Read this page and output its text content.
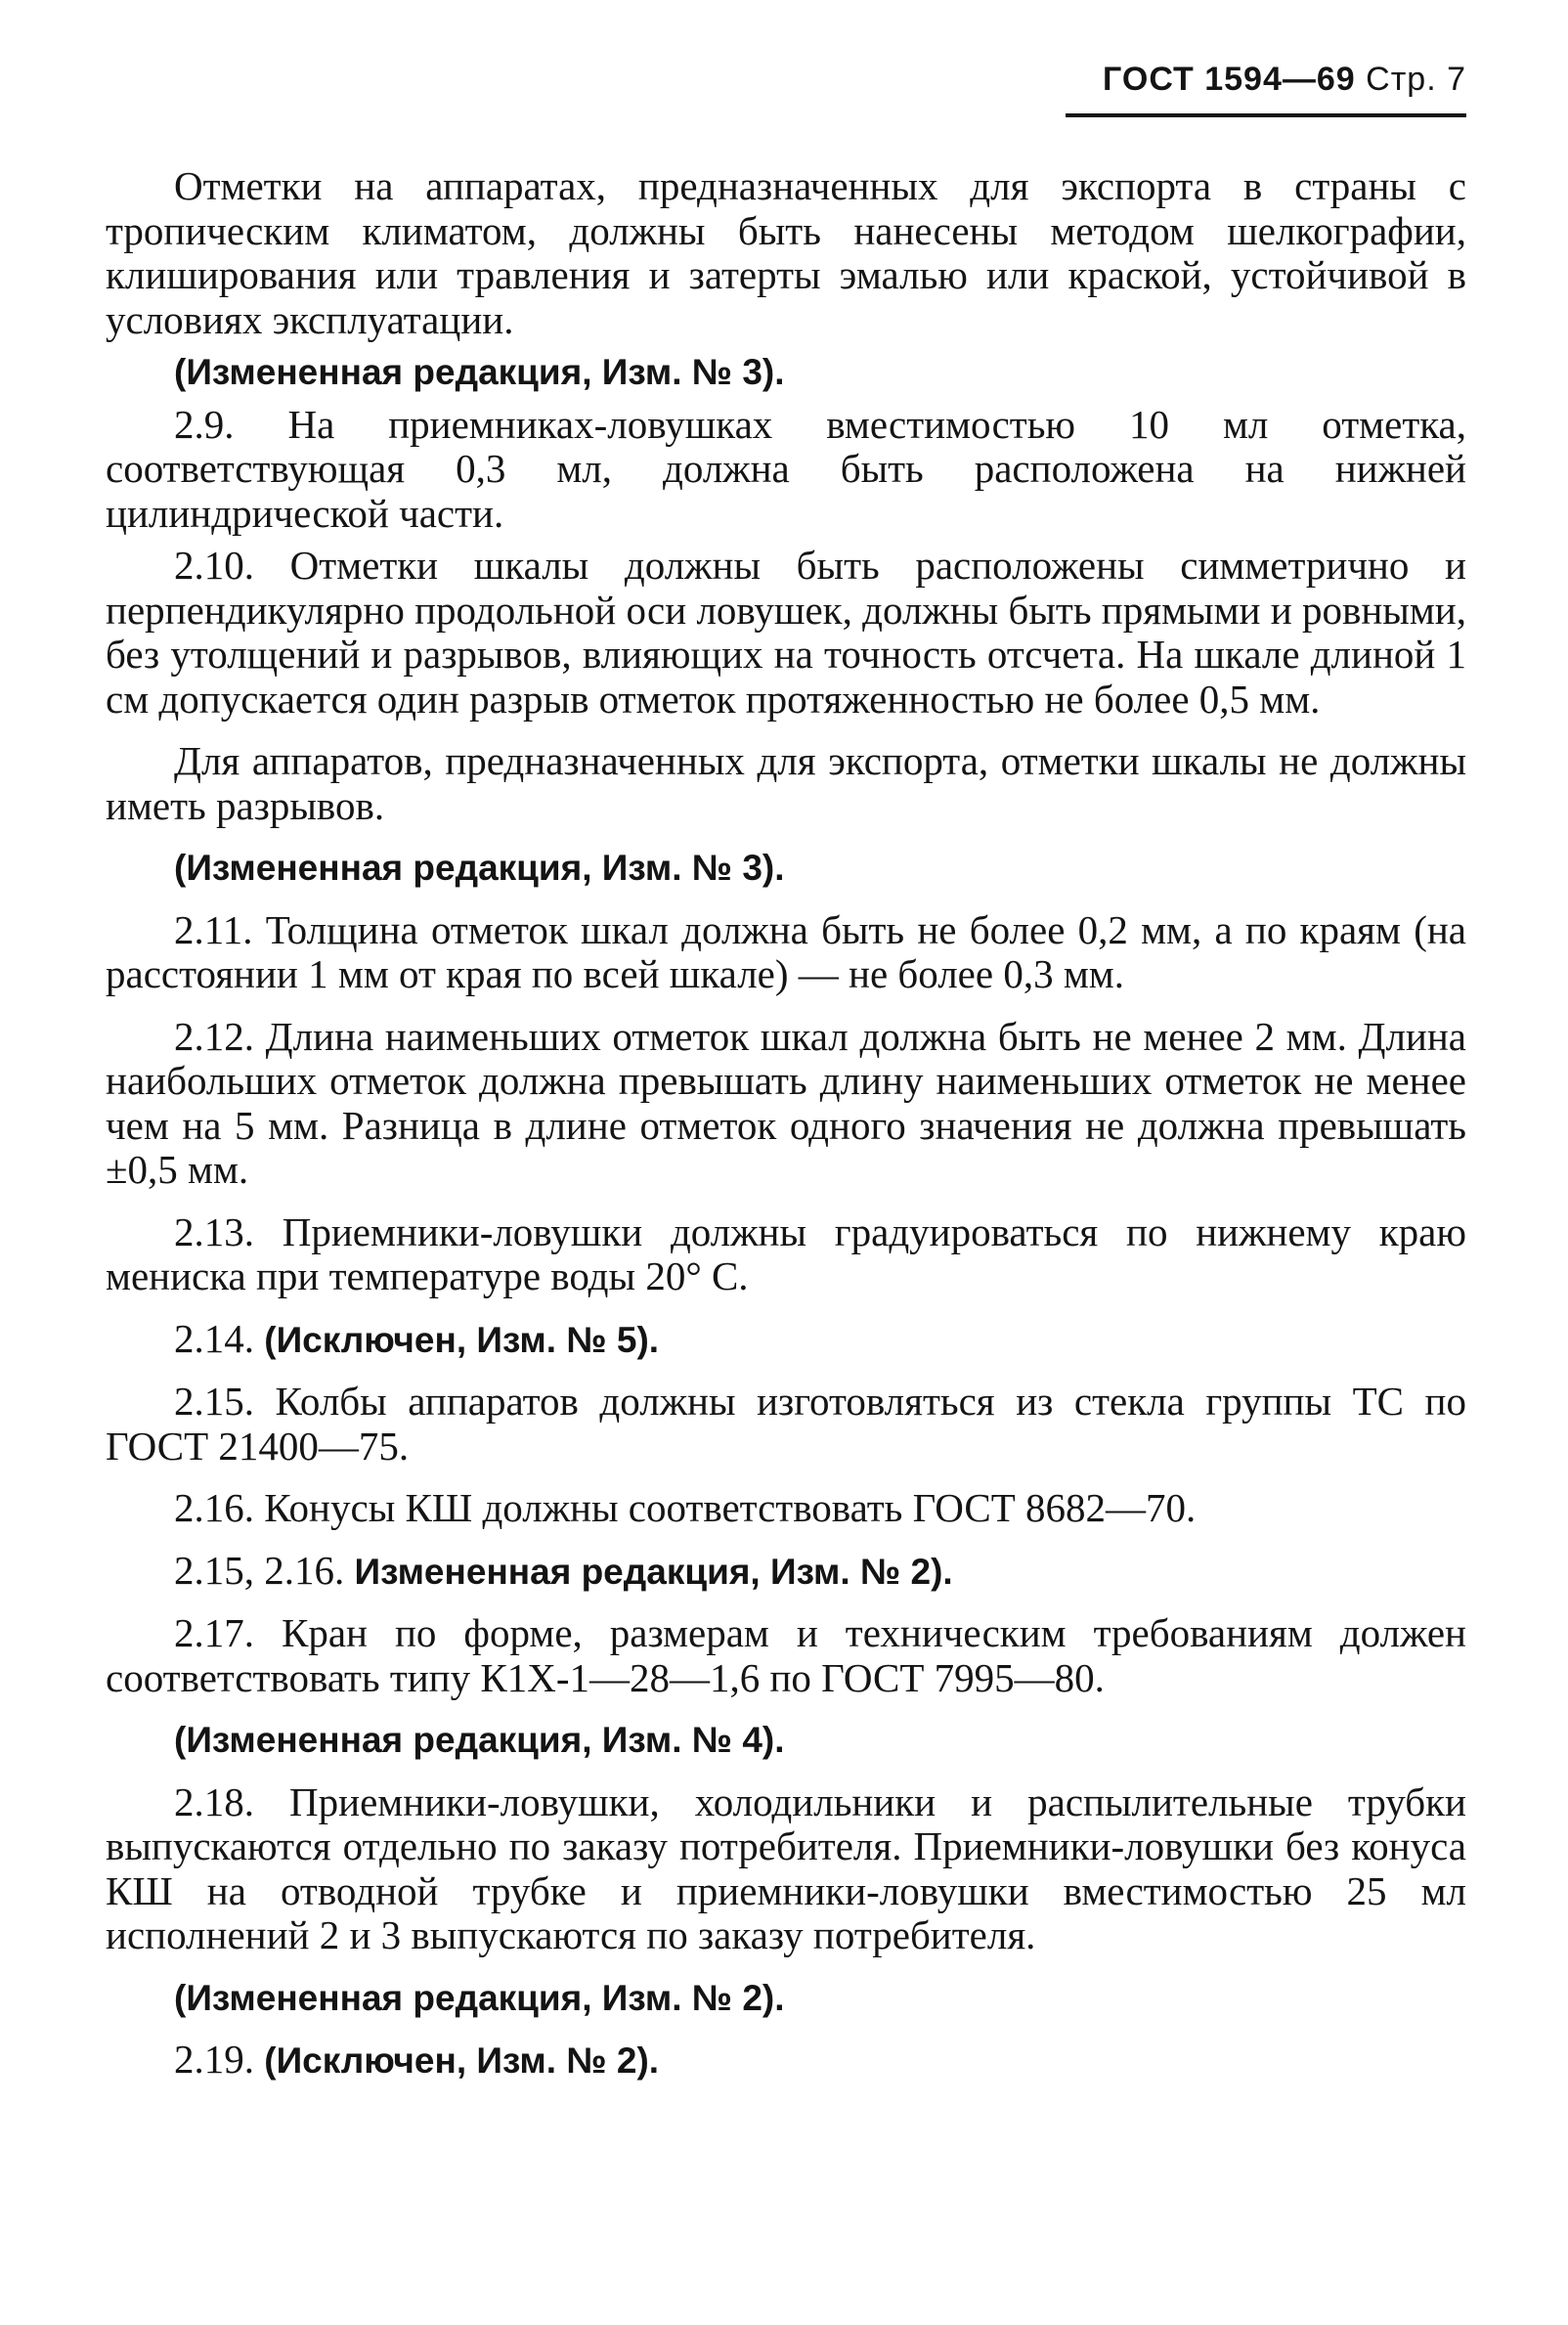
ГОСТ 1594—69 Стр. 7

Отметки на аппаратах, предназначенных для экспорта в страны с тропическим климатом, должны быть нанесены методом шелкографии, клиширования или травления и затерты эмалью или краской, устойчивой в условиях эксплуатации.

(Измененная редакция, Изм. № 3).

2.9. На приемниках-ловушках вместимостью 10 мл отметка, соответствующая 0,3 мл, должна быть расположена на нижней цилиндрической части.

2.10. Отметки шкалы должны быть расположены симметрично и перпендикулярно продольной оси ловушек, должны быть прямыми и ровными, без утолщений и разрывов, влияющих на точность отсчета. На шкале длиной 1 см допускается один разрыв отметок протяженностью не более 0,5 мм.

Для аппаратов, предназначенных для экспорта, отметки шкалы не должны иметь разрывов.

(Измененная редакция, Изм. № 3).

2.11. Толщина отметок шкал должна быть не более 0,2 мм, а по краям (на расстоянии 1 мм от края по всей шкале) — не более 0,3 мм.

2.12. Длина наименьших отметок шкал должна быть не менее 2 мм. Длина наибольших отметок должна превышать длину наименьших отметок не менее чем на 5 мм. Разница в длине отметок одного значения не должна превышать ±0,5 мм.

2.13. Приемники-ловушки должны градуироваться по нижнему краю мениска при температуре воды 20° С.

2.14. (Исключен, Изм. № 5).

2.15. Колбы аппаратов должны изготовляться из стекла группы ТС по ГОСТ 21400—75.

2.16. Конусы КШ должны соответствовать ГОСТ 8682—70.

2.15, 2.16. Измененная редакция, Изм. № 2).

2.17. Кран по форме, размерам и техническим требованиям должен соответствовать типу К1Х-1—28—1,6 по ГОСТ 7995—80.

(Измененная редакция, Изм. № 4).

2.18. Приемники-ловушки, холодильники и распылительные трубки выпускаются отдельно по заказу потребителя. Приемники-ловушки без конуса КШ на отводной трубке и приемники-ловушки вместимостью 25 мл исполнений 2 и 3 выпускаются по заказу потребителя.

(Измененная редакция, Изм. № 2).

2.19. (Исключен, Изм. № 2).
